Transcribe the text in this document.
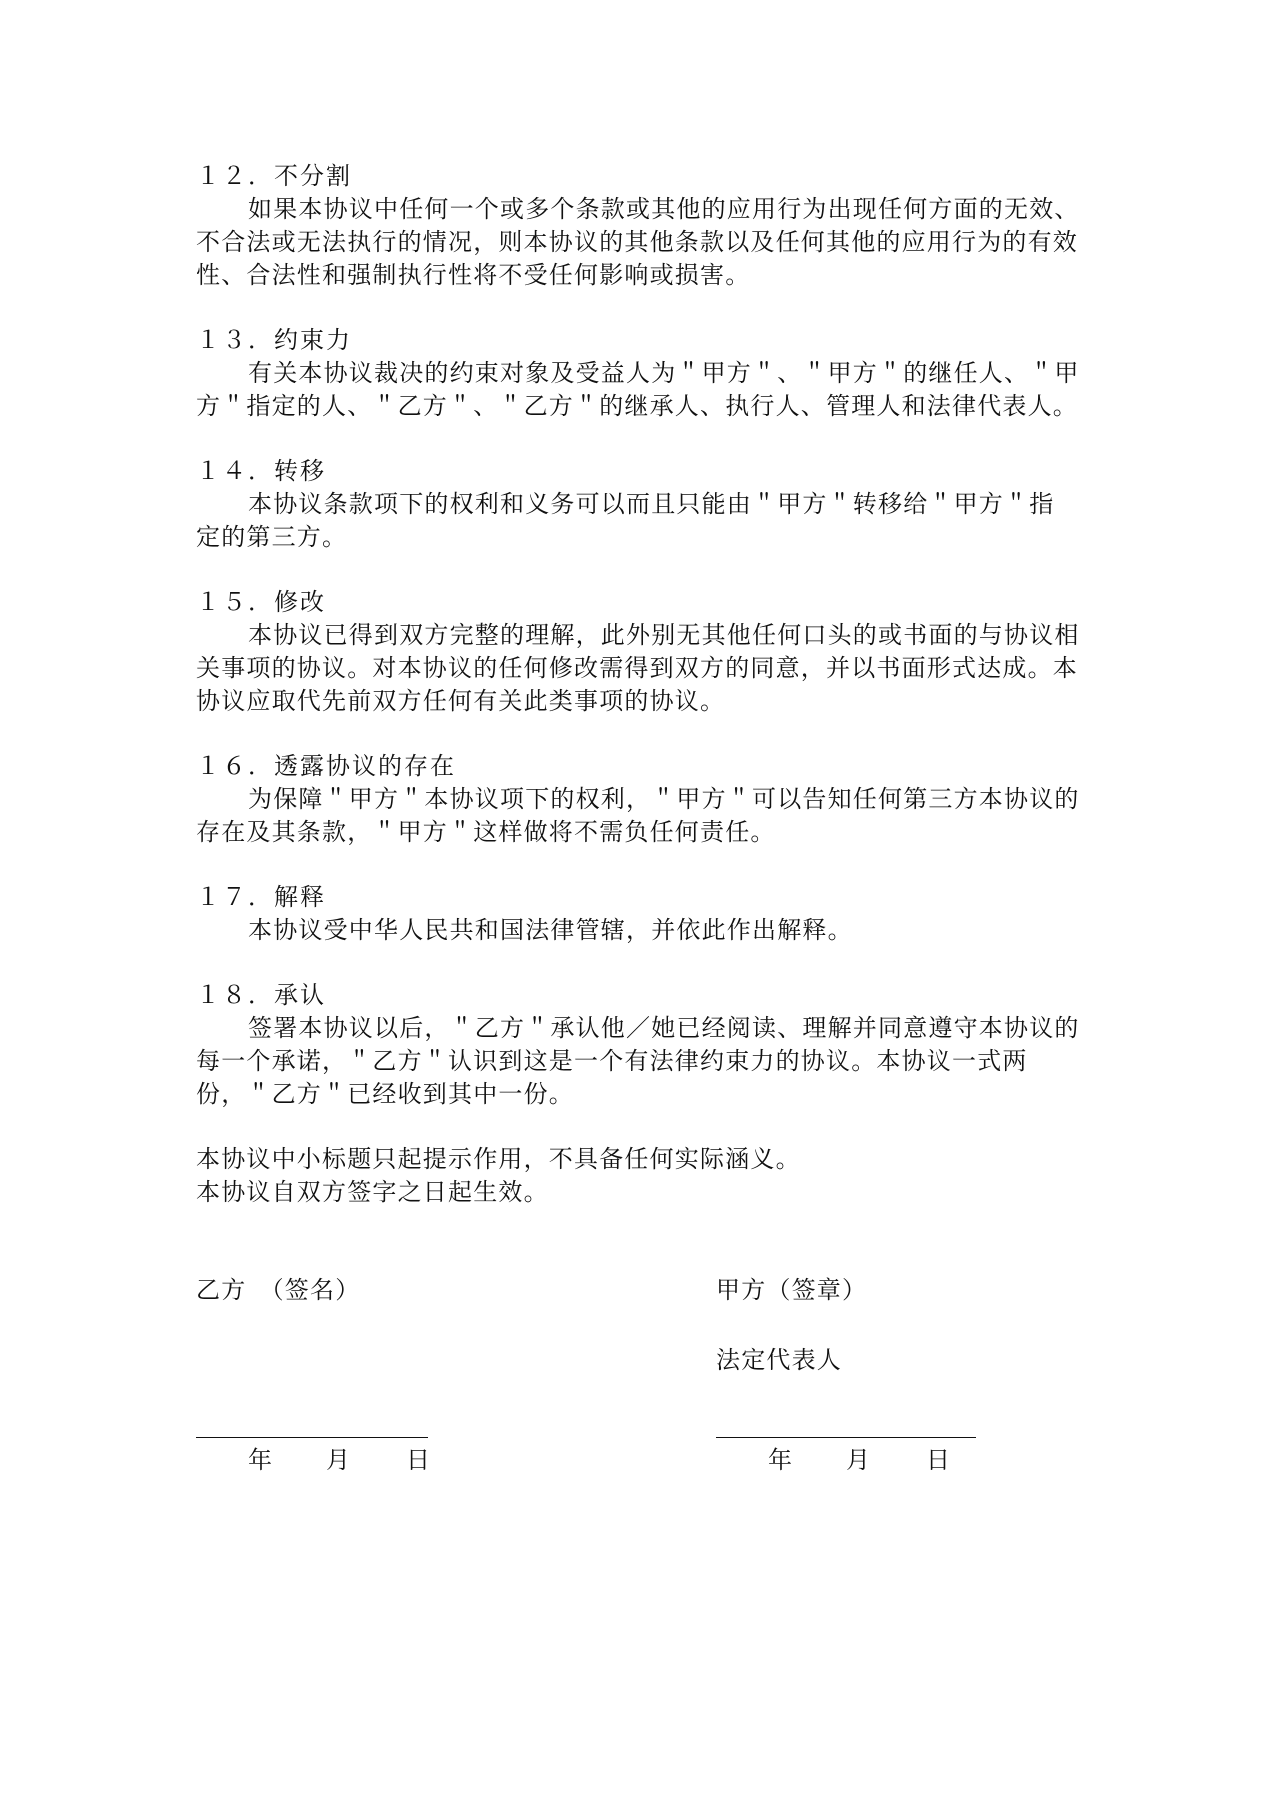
１２．不分割
如果本协议中任何一个或多个条款或其他的应用行为出现任何方面的无效、
不合法或无法执行的情况，则本协议的其他条款以及任何其他的应用行为的有效
性、合法性和强制执行性将不受任何影响或损害。
１３．约束力
有关本协议裁决的约束对象及受益人为＂甲方＂、＂甲方＂的继任人、＂甲
方＂指定的人、＂乙方＂、＂乙方＂的继承人、执行人、管理人和法律代表人。
１４．转移
本协议条款项下的权利和义务可以而且只能由＂甲方＂转移给＂甲方＂指
定的第三方。
１５．修改
本协议已得到双方完整的理解，此外别无其他任何口头的或书面的与协议相
关事项的协议。对本协议的任何修改需得到双方的同意，并以书面形式达成。本
协议应取代先前双方任何有关此类事项的协议。
１６．透露协议的存在
为保障＂甲方＂本协议项下的权利，＂甲方＂可以告知任何第三方本协议的
存在及其条款，＂甲方＂这样做将不需负任何责任。
１７．解释
本协议受中华人民共和国法律管辖，并依此作出解释。
１８．承认
签署本协议以后，＂乙方＂承认他／她已经阅读、理解并同意遵守本协议的
每一个承诺，＂乙方＂认识到这是一个有法律约束力的协议。本协议一式两
份，＂乙方＂已经收到其中一份。
本协议中小标题只起提示作用，不具备任何实际涵义。
本协议自双方签字之日起生效。
乙方　（签名）	甲方（签章）
法定代表人
年 月 日	年 月 日
